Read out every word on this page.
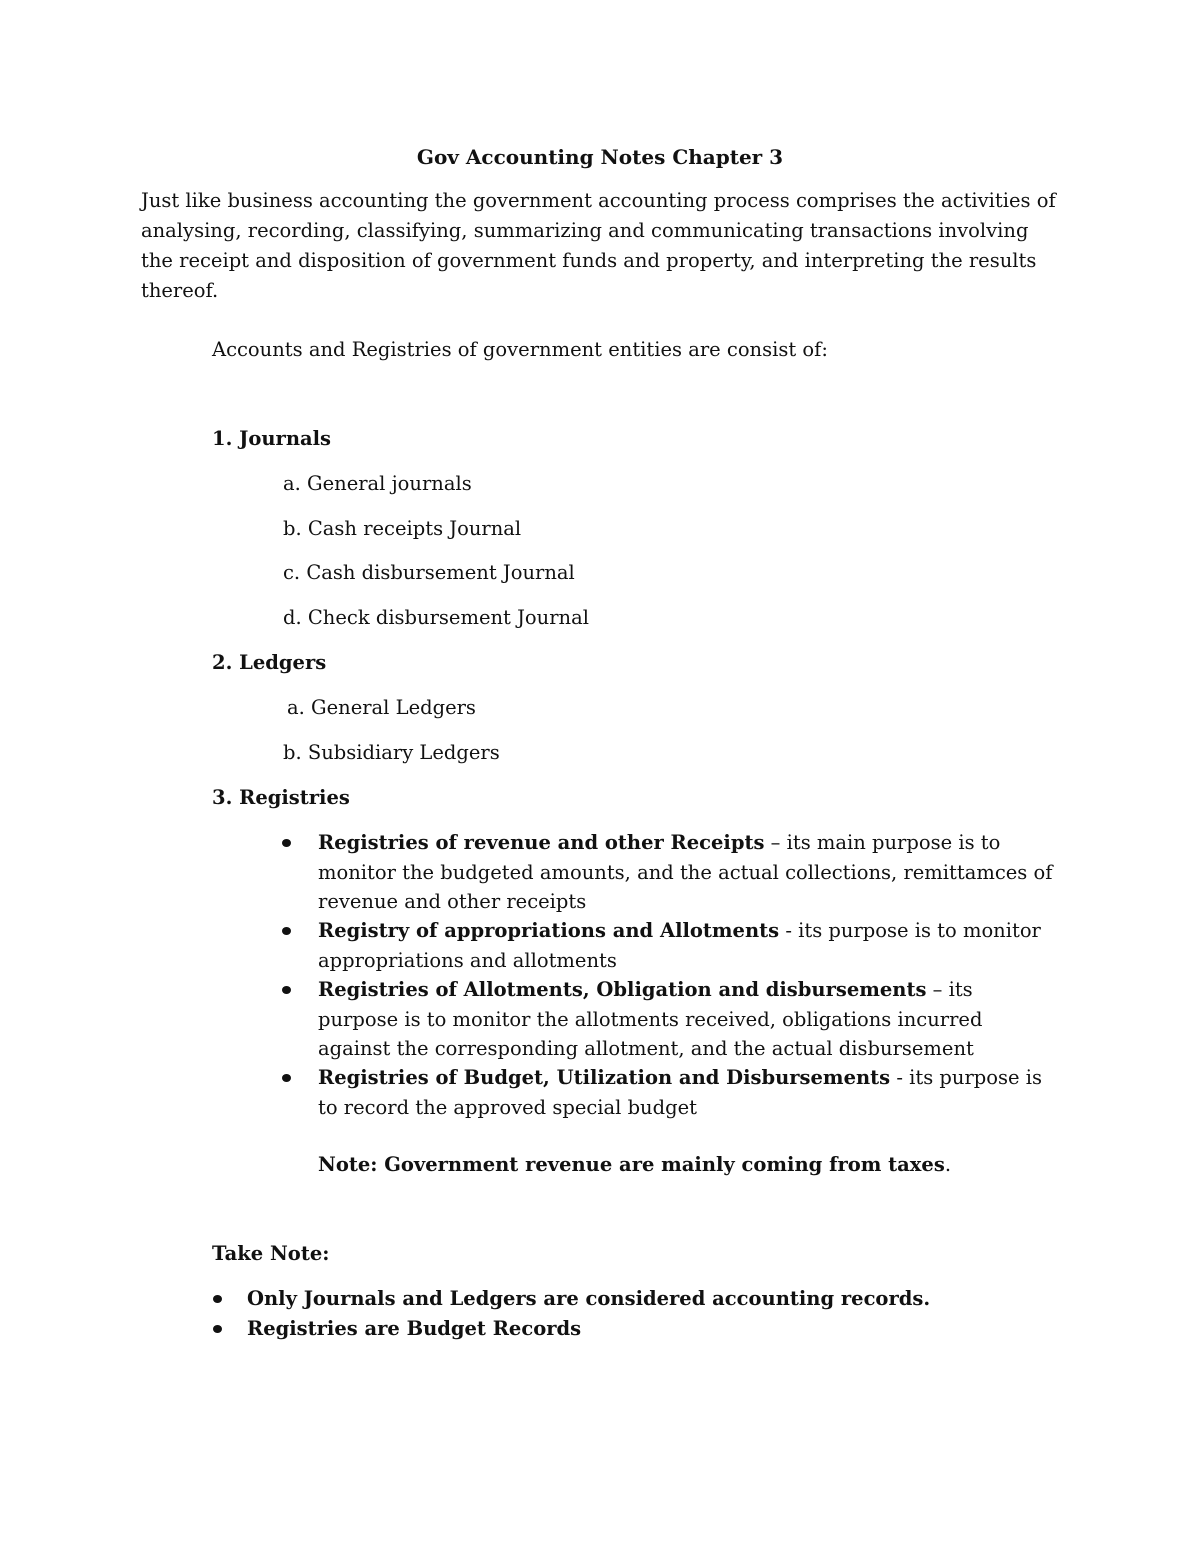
Gov Accounting Notes Chapter 3
Just like business accounting the government accounting process comprises the activities of analysing, recording, classifying, summarizing and communicating transactions involving the receipt and disposition of government funds and property, and interpreting the results thereof.
Accounts and Registries of government entities are consist of:
1. Journals
a. General journals
b. Cash receipts Journal
c. Cash disbursement Journal
d. Check disbursement Journal
2. Ledgers
a. General Ledgers
b. Subsidiary Ledgers
3. Registries
Registries of revenue and other Receipts – its main purpose is to monitor the budgeted amounts, and the actual collections, remittamces of revenue and other receipts
Registry of appropriations and Allotments - its purpose is to monitor appropriations and allotments
Registries of Allotments, Obligation and disbursements – its purpose is to monitor the allotments received, obligations incurred against the corresponding allotment, and the actual disbursement
Registries of Budget, Utilization and Disbursements - its purpose is to record the approved special budget
Note: Government revenue are mainly coming from taxes.
Take Note:
Only Journals and Ledgers are considered accounting records.
Registries are Budget Records
